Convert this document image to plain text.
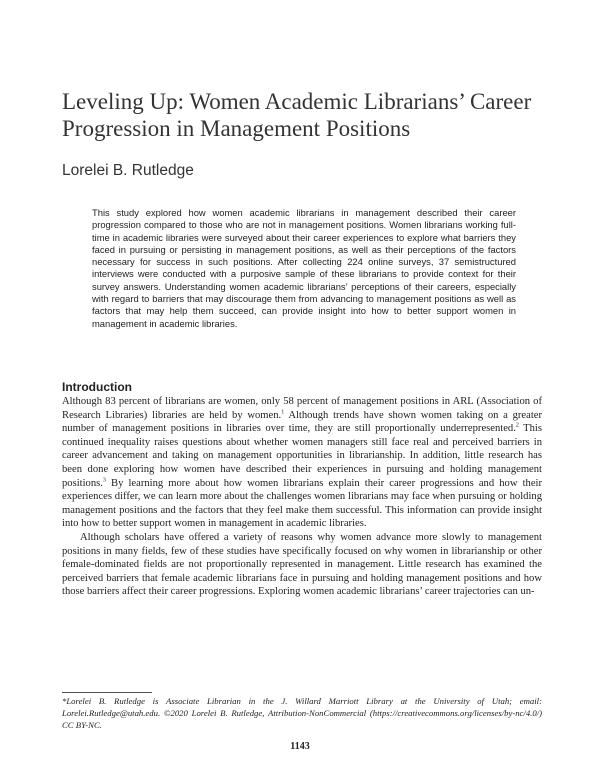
Leveling Up: Women Academic Librarians’ Career Progression in Management Positions

Lorelei B. Rutledge

This study explored how women academic librarians in management described their career progression compared to those who are not in management positions. Women librarians working full-time in academic libraries were surveyed about their career experiences to explore what barriers they faced in pursuing or persisting in management positions, as well as their perceptions of the factors necessary for success in such positions. After collecting 224 online surveys, 37 semistructured interviews were conducted with a purposive sample of these librarians to provide context for their survey answers. Understanding women academic librarians’ perceptions of their careers, especially with regard to barriers that may discourage them from advancing to management positions as well as factors that may help them succeed, can provide insight into how to better support women in management in academic libraries.

Introduction

Although 83 percent of librarians are women, only 58 percent of management positions in ARL (Association of Research Libraries) libraries are held by women.$^1$ Although trends have shown women taking on a greater number of management positions in libraries over time, they are still proportionally underrepresented.$^2$ This continued inequality raises questions about whether women managers still face real and perceived barriers in career advancement and taking on management opportunities in librarianship. In addition, little research has been done exploring how women have described their experiences in pursuing and holding management positions.$^3$ By learning more about how women librarians explain their career progressions and how their experiences differ, we can learn more about the challenges women librarians may face when pursuing or holding management positions and the factors that they feel make them successful. This information can provide insight into how to better support women in management in academic libraries.

Although scholars have offered a variety of reasons why women advance more slowly to management positions in many fields, few of these studies have specifically focused on why women in librarianship or other female-dominated fields are not proportionally represented in management. Little research has examined the perceived barriers that female academic librarians face in pursuing and holding management positions and how those barriers affect their career progressions. Exploring women academic librarians’ career trajectories can un-

*Lorelei B. Rutledge is Associate Librarian in the J. Willard Marriott Library at the University of Utah; email: Lorelei.Rutledge@utah.edu. ©2020 Lorelei B. Rutledge, Attribution-NonCommercial (https://creativecommons.org/licenses/by-nc/4.0/) CC BY-NC.

1143
